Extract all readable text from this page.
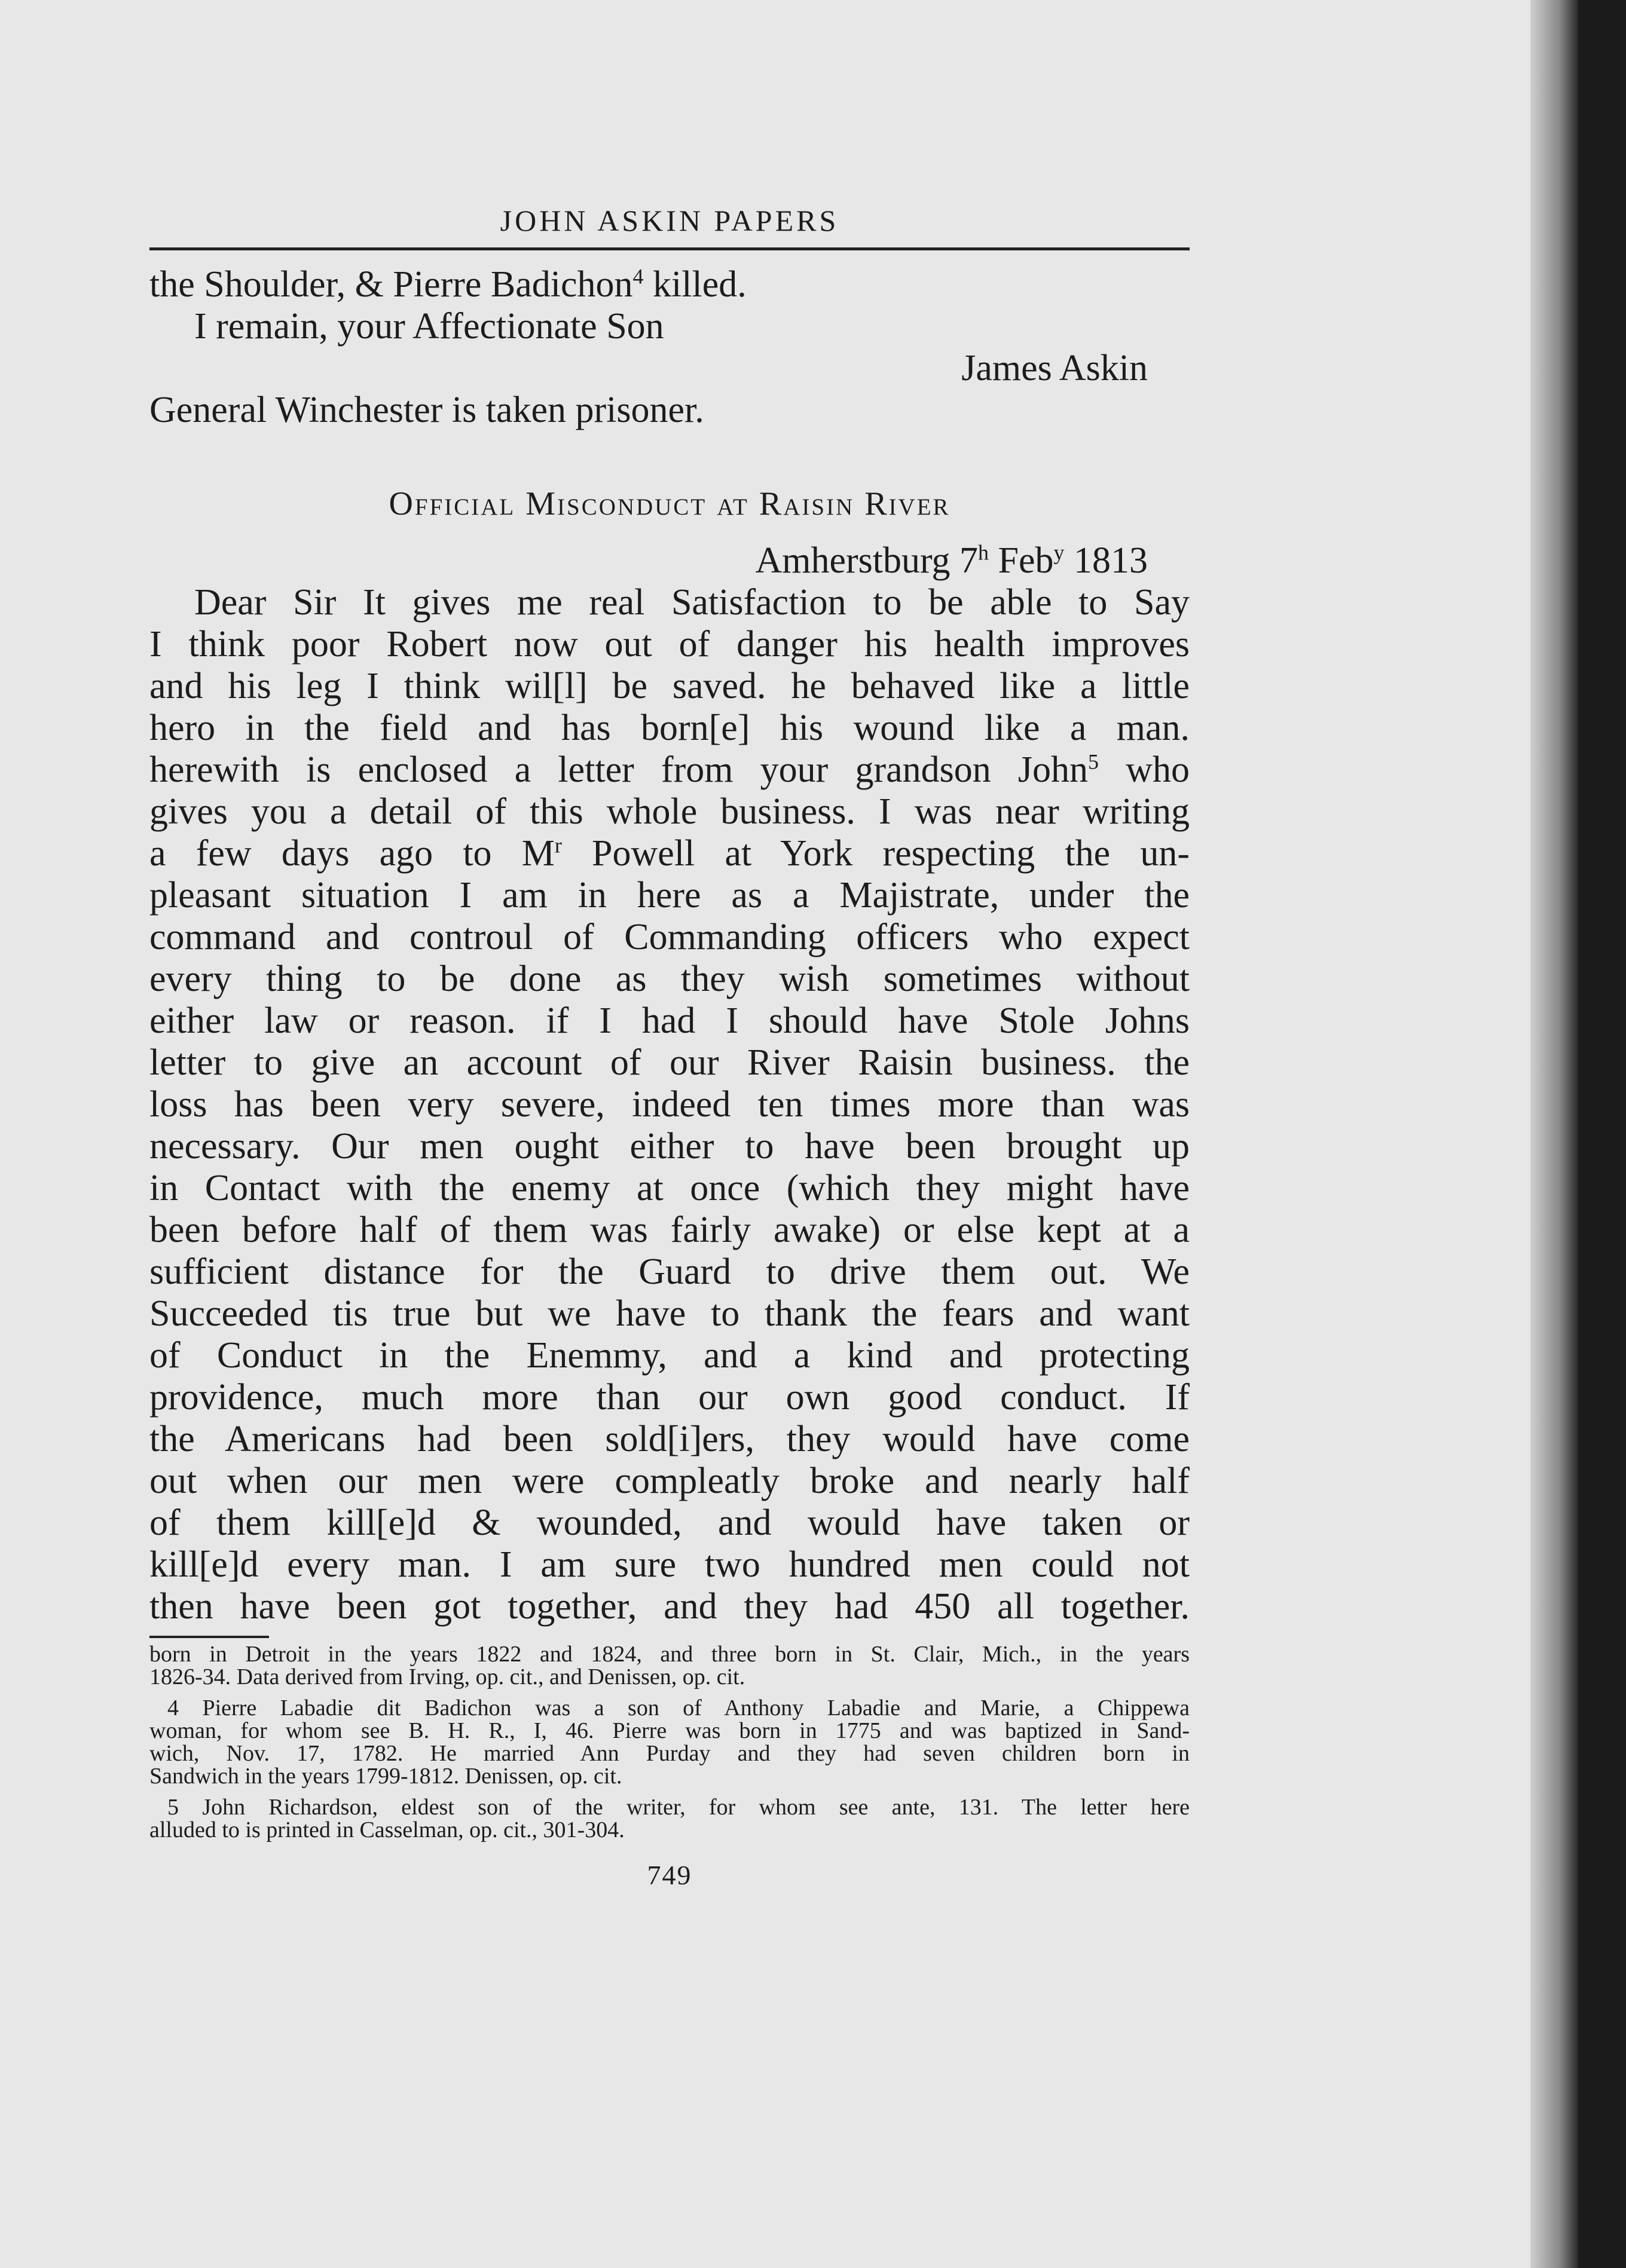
JOHN ASKIN PAPERS
the Shoulder, & Pierre Badichon$^4$ killed.
I remain, your Affectionate Son
James Askin
General Winchester is taken prisoner.
Official Misconduct at Raisin River
Amherstburg 7$^h$ Feb$^y$ 1813
Dear Sir It gives me real Satisfaction to be able to Say
I think poor Robert now out of danger his health improves
and his leg I think wil[l] be saved. he behaved like a little
hero in the field and has born[e] his wound like a man.
herewith is enclosed a letter from your grandson John$^5$ who
gives you a detail of this whole business. I was near writing
a few days ago to $M^r$ Powell at York respecting the un-
pleasant situation I am in here as a Majistrate, under the
command and controul of Commanding officers who expect
every thing to be done as they wish sometimes without
either law or reason. if I had I should have Stole Johns
letter to give an account of our River Raisin business. the
loss has been very severe, indeed ten times more than was
necessary. Our men ought either to have been brought up
in Contact with the enemy at once (which they might have
been before half of them was fairly awake) or else kept at a
sufficient distance for the Guard to drive them out. We
Succeeded tis true but we have to thank the fears and want
of Conduct in the Enemmy, and a kind and protecting
providence, much more than our own good conduct. If
the Americans had been sold[i]ers, they would have come
out when our men were compleatly broke and nearly half
of them kill[e]d & wounded, and would have taken or
kill[e]d every man. I am sure two hundred men could not
then have been got together, and they had 450 all together.
born in Detroit in the years 1822 and 1824, and three born in St. Clair, Mich., in the years
1826-34. Data derived from Irving, op. cit., and Denissen, op. cit.
4 Pierre Labadie dit Badichon was a son of Anthony Labadie and Marie, a Chippewa
woman, for whom see B. H. R., I, 46. Pierre was born in 1775 and was baptized in Sand-
wich, Nov. 17, 1782. He married Ann Purday and they had seven children born in
Sandwich in the years 1799-1812. Denissen, op. cit.
5 John Richardson, eldest son of the writer, for whom see ante, 131. The letter here
alluded to is printed in Casselman, op. cit., 301-304.
749
